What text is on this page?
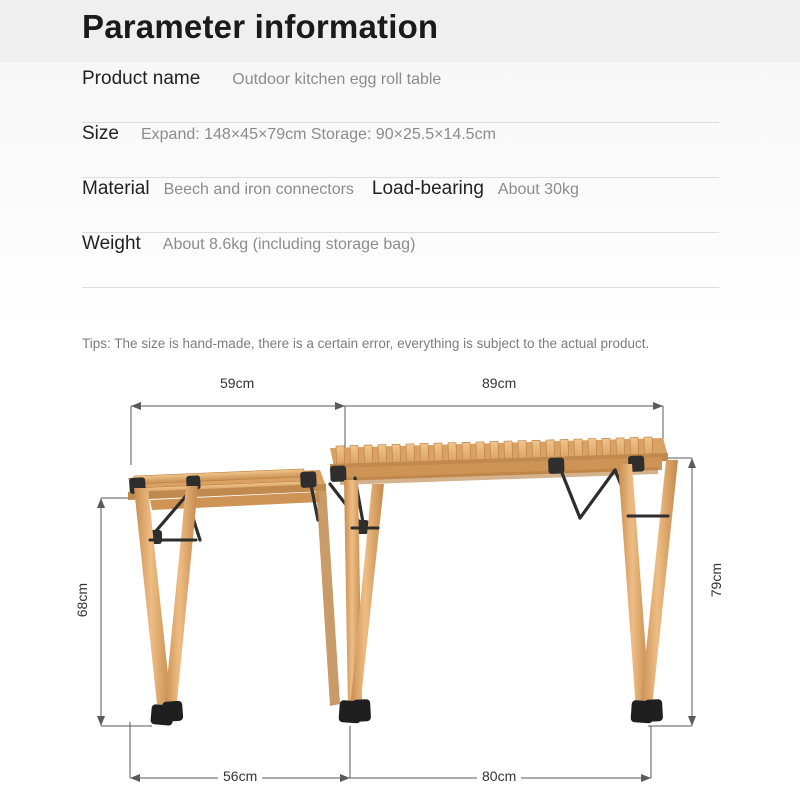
Parameter information
Product name Outdoor kitchen egg roll table
Size Expand: 148×45×79cm Storage: 90×25.5×14.5cm
Material Beech and iron connectors Load-bearing About 30kg
Weight About 8.6kg (including storage bag)
Tips: The size is hand-made, there is a certain error, everything is subject to the actual product.
59cm	89cm
68cm
79cm
56cm	80cm
